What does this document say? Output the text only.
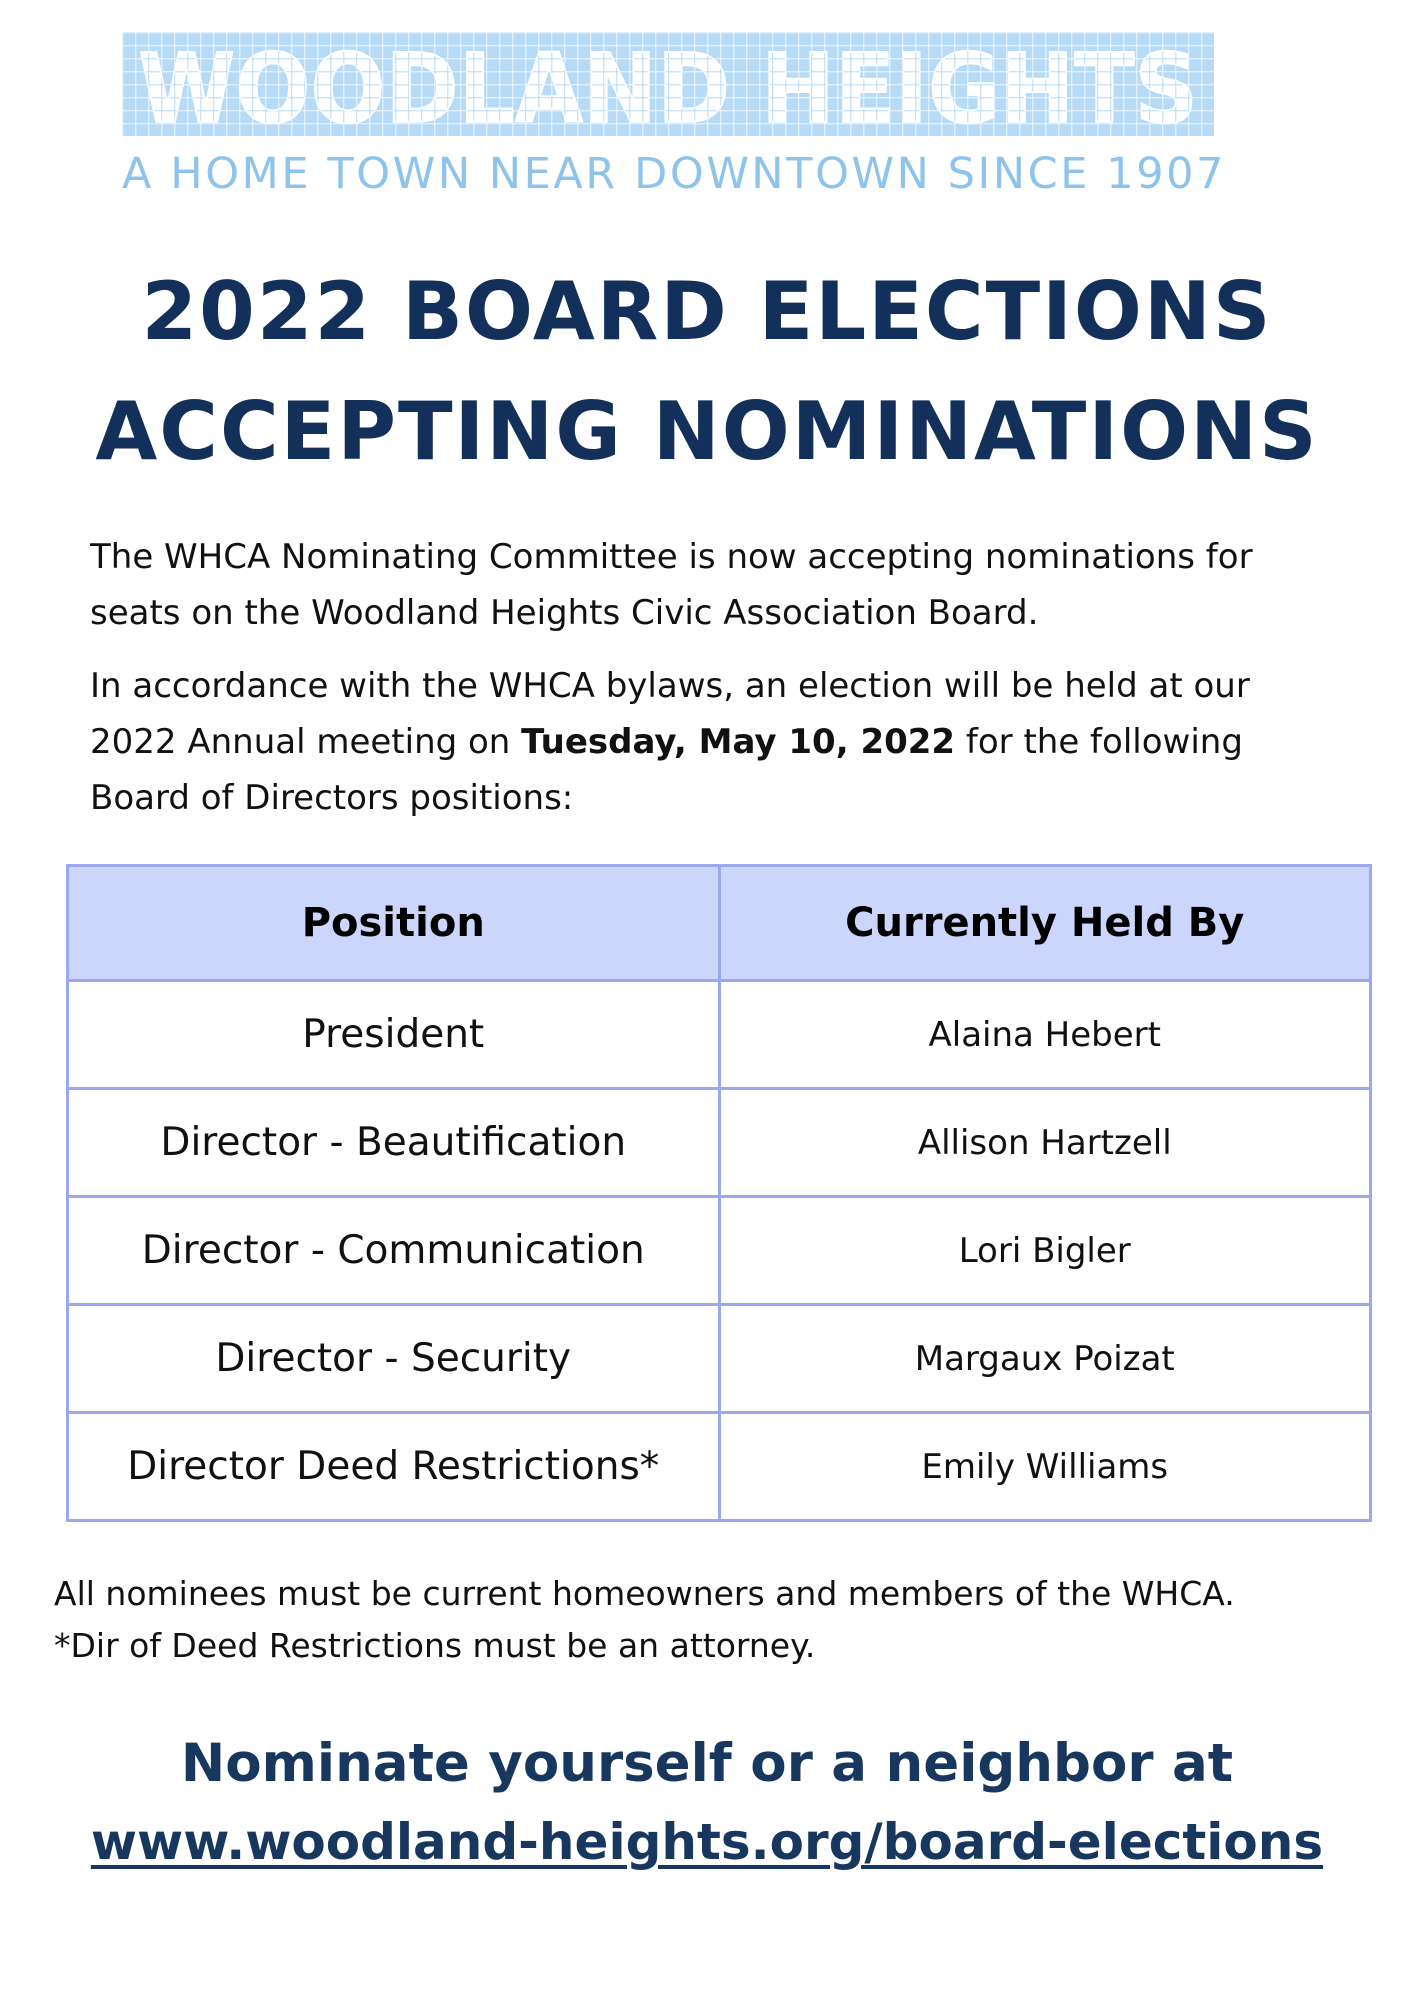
WOODLAND HEIGHTS
A HOME TOWN NEAR DOWNTOWN SINCE 1907
2022 BOARD ELECTIONS
ACCEPTING NOMINATIONS

The WHCA Nominating Committee is now accepting nominations for seats on the Woodland Heights Civic Association Board.

In accordance with the WHCA bylaws, an election will be held at our 2022 Annual meeting on Tuesday, May 10, 2022 for the following Board of Directors positions:

Position	Currently Held By
President	Alaina Hebert
Director - Beautification	Allison Hartzell
Director - Communication	Lori Bigler
Director - Security	Margaux Poizat
Director Deed Restrictions*	Emily Williams
All nominees must be current homeowners and members of the WHCA.
*Dir of Deed Restrictions must be an attorney.
Nominate yourself or a neighbor at
www.woodland-heights.org/board-elections
